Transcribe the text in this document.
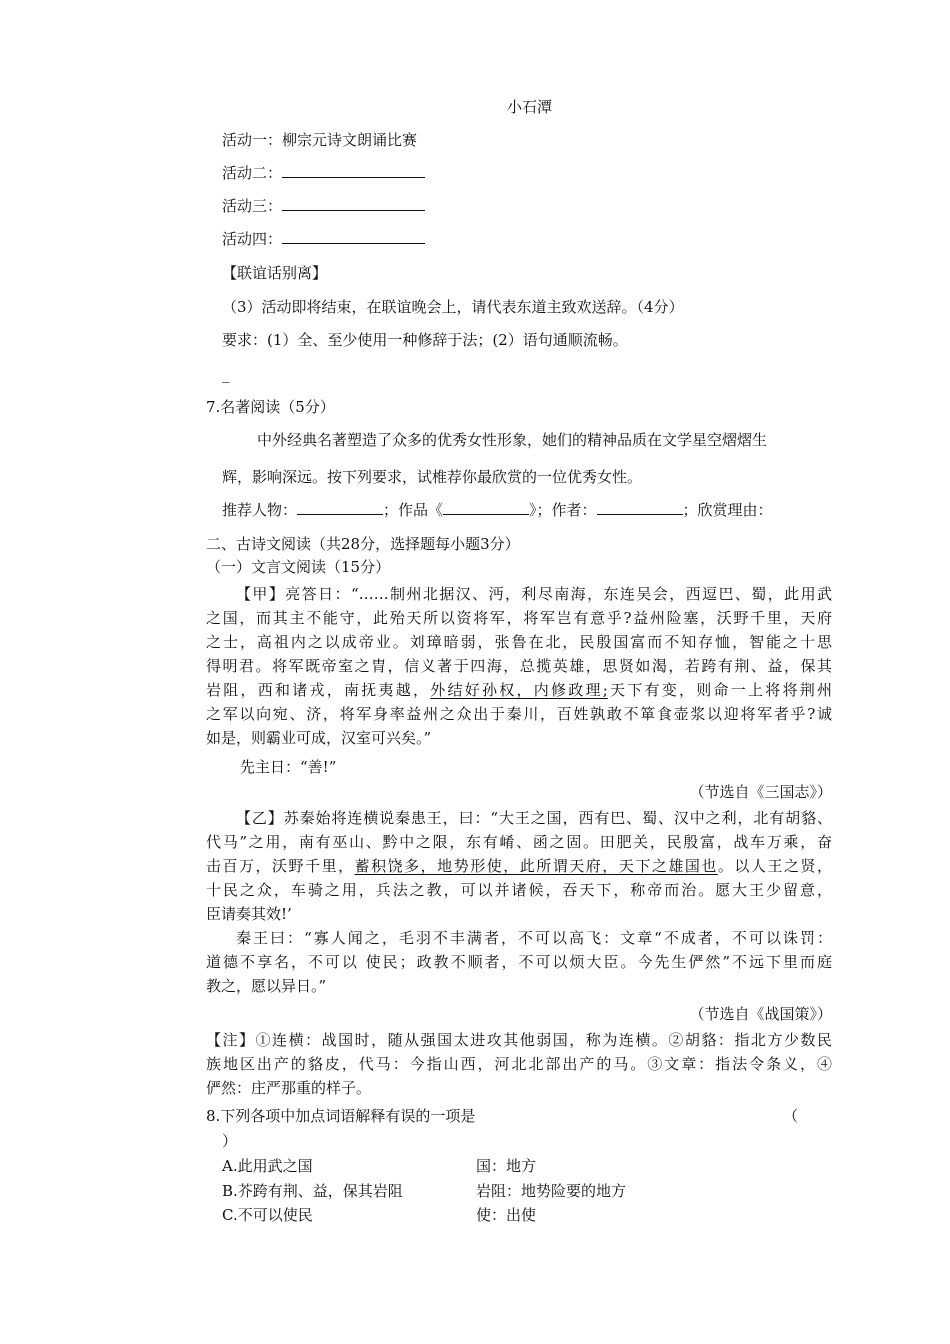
小石潭
活动一：柳宗元诗文朗诵比赛
活动二：
活动三：
活动四：
【联谊话别离】
（3）活动即将结束，在联谊晚会上，请代表东道主致欢送辞。（4分）
要求：(1）全、至少使用一种修辞于法；(2）语句通顺流畅。
_
7.名著阅读（5分）
中外经典名著塑造了众多的优秀女性形象，她们的精神品质在文学星空熠熠生
辉，影响深远。按下列要求，试椎荐你最欣赏的一位优秀女性。
推荐人物：	；作品《	》；作者：	；欣赏理由：
二、古诗文阅读（共28分，选择题每小题3分）
（一）文言文阅读（15分）
【甲】亮答日：“……制州北据汉、沔，利尽南海，东连吴会，西逗巴、蜀，此用武
之国，而其主不能守，此殆天所以资将军，将军岂有意乎?益州险塞，沃野千里，天府
之士，高祖内之以成帝业。刘璋暗弱，张鲁在北，民殷国富而不知存恤，智能之十思
得明君。将军既帝室之胄，信义著于四海，总揽英雄，思贤如渴，若跨有荆、益，保其
岩阻，西和诸戎，南抚夷越，外结好孙权，内修政理;天下有变，则命一上将将荆州
之军以向宛、济，将军身率益州之众出于秦川，百姓孰敢不箪食壶浆以迎将军者乎?诚
如是，则霸业可成，汉室可兴矣。”
先主日：“善!”
（节选自《三国志》）
【乙】苏秦始将连横说秦患王，曰：“大王之国，西有巴、蜀、汉中之利，北有胡貉、
代马”之用，南有巫山、黔中之限，东有崤、函之固。田肥关，民殷富，战车万乘，奋
击百万，沃野千里，蓄积饶多，地势形使，此所谓天府，天下之雄国也。以人王之贤，
十民之众，车骑之用，兵法之教，可以并诸候，吞天下，称帝而治。愿大王少留意，
臣请奏其效!’
秦王曰：“寡人闻之，毛羽不丰满者，不可以高飞：文章“不成者，不可以诛罚：
道德不享名，不可以 使民；政教不顺者，不可以烦大臣。今先生俨然”不远下里而庭
教之，愿以异日。”
（节选自《战国策》）
【注】①连横：战国时，随从强国太进攻其他弱国，称为连横。②胡貉：指北方少数民
族地区出产的貉皮，代马：今指山西，河北北部出产的马。③文章：指法令条义，④
俨然：庄严那重的样子。
8.下列各项中加点词语解释有误的一项是	（
）
A.此用武之国	国：地方
B.芥跨有荆、益，保其岩阻	岩阻：地势险要的地方
C.不可以使民	使：出使
